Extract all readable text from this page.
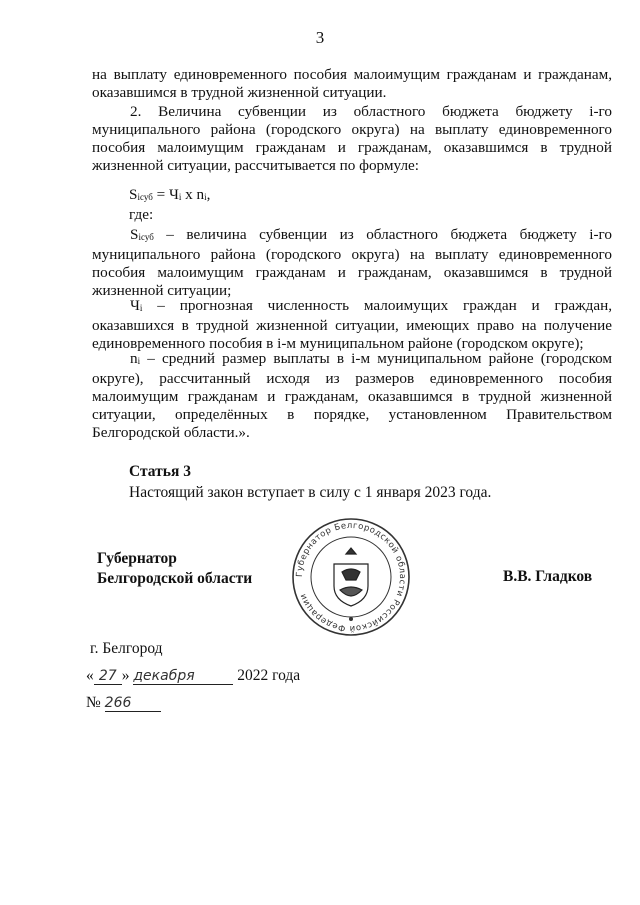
3
на выплату единовременного пособия малоимущим гражданам и гражданам, оказавшимся в трудной жизненной ситуации.
2. Величина субвенции из областного бюджета бюджету i-го муниципального района (городского округа) на выплату единовременного пособия малоимущим гражданам и гражданам, оказавшимся в трудной жизненной ситуации, рассчитывается по формуле:
Siсуб = Чi х ni,
где:
Siсуб – величина субвенции из областного бюджета бюджету i-го муниципального района (городского округа) на выплату единовременного пособия малоимущим гражданам и гражданам, оказавшимся в трудной жизненной ситуации;
Чi – прогнозная численность малоимущих граждан и граждан, оказавшихся в трудной жизненной ситуации, имеющих право на получение единовременного пособия в i-м муниципальном районе (городском округе);
ni – средний размер выплаты в i-м муниципальном районе (городском округе), рассчитанный исходя из размеров единовременного пособия малоимущим гражданам и гражданам, оказавшимся в трудной жизненной ситуации, определённых в порядке, установленном Правительством Белгородской области.».
Статья 3
Настоящий закон вступает в силу с 1 января 2023 года.
Губернатор
Белгородской области	Губернатор Белгородской области Российской Федерации
В.В. Гладков
г. Белгород
« 27 » декабря	2022 года
№ 266
